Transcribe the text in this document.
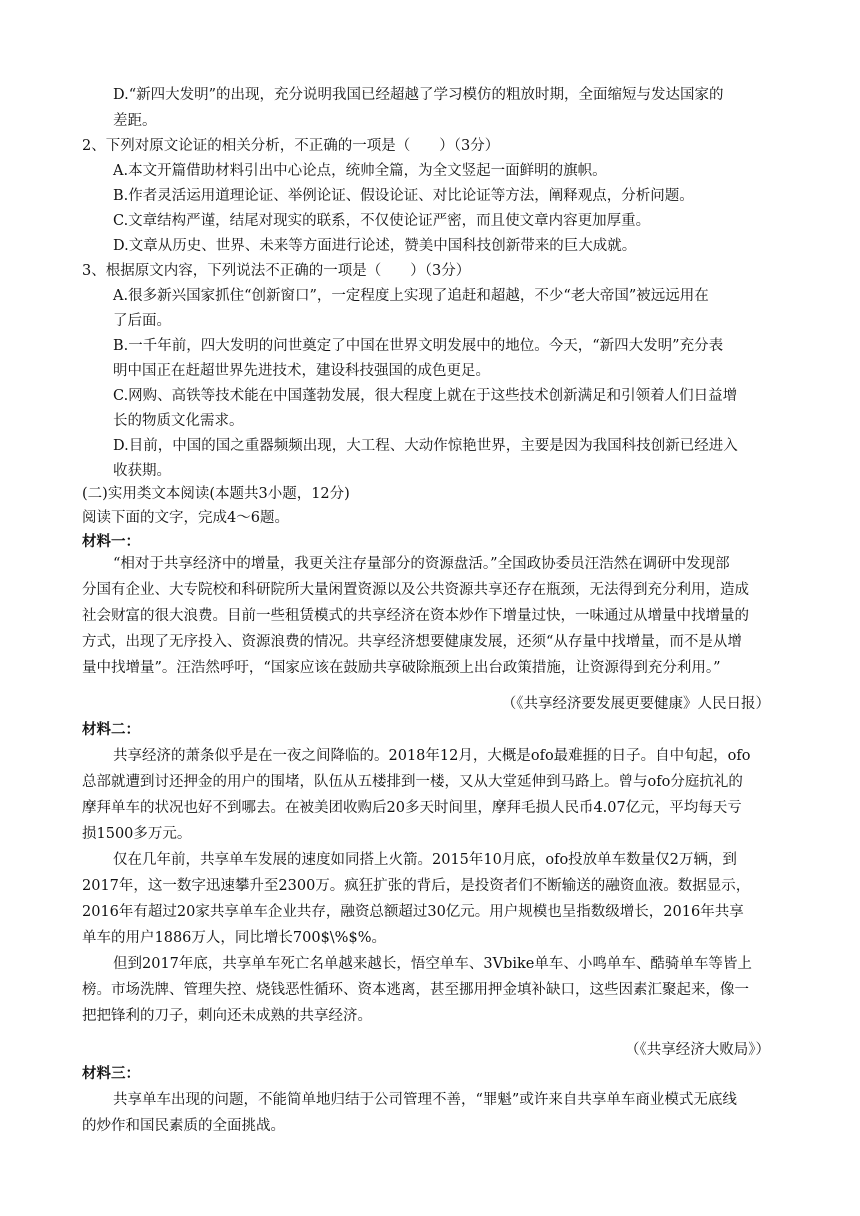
D.“新四大发明”的出现，充分说明我国已经超越了学习模仿的粗放时期，全面缩短与发达国家的
差距。
2、下列对原文论证的相关分析，不正确的一项是（　　）（3分）
A.本文开篇借助材料引出中心论点，统帅全篇，为全文竖起一面鲜明的旗帜。
B.作者灵活运用道理论证、举例论证、假设论证、对比论证等方法，阐释观点，分析问题。
C.文章结构严谨，结尾对现实的联系，不仅使论证严密，而且使文章内容更加厚重。
D.文章从历史、世界、未来等方面进行论述，赞美中国科技创新带来的巨大成就。
3、根据原文内容，下列说法不正确的一项是（　　）（3分）
A.很多新兴国家抓住“创新窗口”，一定程度上实现了追赶和超越，不少“老大帝国”被远远用在
了后面。
B.一千年前，四大发明的问世奠定了中国在世界文明发展中的地位。今天，“新四大发明”充分表
明中国正在赶超世界先进技术，建设科技强国的成色更足。
C.网购、高铁等技术能在中国蓬勃发展，很大程度上就在于这些技术创新满足和引领着人们日益增
长的物质文化需求。
D.目前，中国的国之重器频频出现，大工程、大动作惊艳世界，主要是因为我国科技创新已经进入
收获期。
(二)实用类文本阅读(本题共3小题，12分)
阅读下面的文字，完成4～6题。
材料一：
“相对于共享经济中的增量，我更关注存量部分的资源盘活。”全国政协委员汪浩然在调研中发现部
分国有企业、大专院校和科研院所大量闲置资源以及公共资源共享还存在瓶颈，无法得到充分利用，造成
社会财富的很大浪费。目前一些租赁模式的共享经济在资本炒作下增量过快，一味通过从增量中找增量的
方式，出现了无序投入、资源浪费的情况。共享经济想要健康发展，还须“从存量中找增量，而不是从增
量中找增量”。汪浩然呼吁，“国家应该在鼓励共享破除瓶颈上出台政策措施，让资源得到充分利用。”
（《共享经济要发展更要健康》人民日报）
材料二：
共享经济的萧条似乎是在一夜之间降临的。2018年12月，大概是ofo最难捱的日子。自中旬起，ofo
总部就遭到讨还押金的用户的围堵，队伍从五楼排到一楼，又从大堂延伸到马路上。曾与ofo分庭抗礼的
摩拜单车的状况也好不到哪去。在被美团收购后20多天时间里，摩拜毛损人民币4.07亿元，平均每天亏
损1500多万元。
仅在几年前，共享单车发展的速度如同搭上火箭。2015年10月底，ofo投放单车数量仅2万辆，到
2017年，这一数字迅速攀升至2300万。疯狂扩张的背后，是投资者们不断输送的融资血液。数据显示，
2016年有超过20家共享单车企业共存，融资总额超过30亿元。用户规模也呈指数级增长，2016年共享
单车的用户1886万人，同比增长700$\%$%。
但到2017年底，共享单车死亡名单越来越长，悟空单车、3Vbike单车、小鸣单车、酷骑单车等皆上
榜。市场洗牌、管理失控、烧钱恶性循环、资本逃离，甚至挪用押金填补缺口，这些因素汇聚起来，像一
把把锋利的刀子，刺向还未成熟的共享经济。
（《共享经济大败局》）
材料三：
共享单车出现的问题，不能简单地归结于公司管理不善，“罪魁”或许来自共享单车商业模式无底线
的炒作和国民素质的全面挑战。
